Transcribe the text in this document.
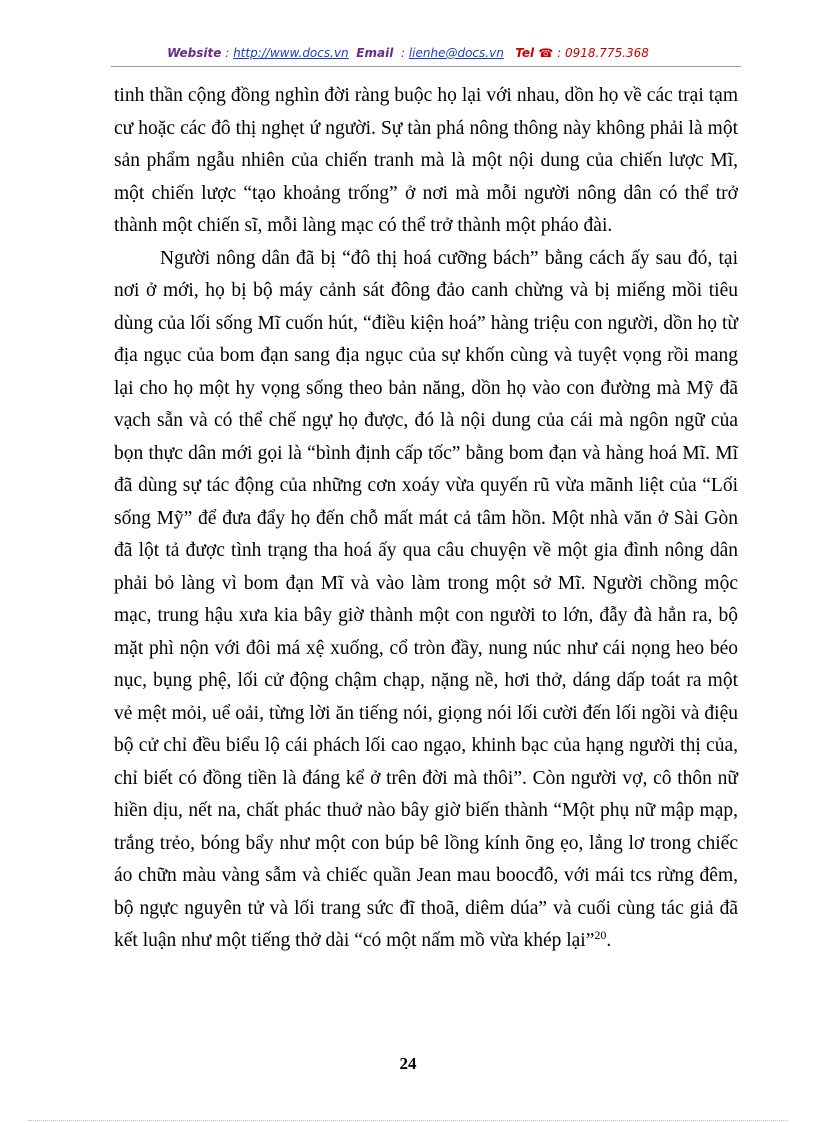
Website : http://www.docs.vn Email  : lienhe@docs.vn Tel ☎ : 0918.775.368

tinh thần cộng đồng nghìn đời ràng buộc họ lại với nhau, dồn họ về các trại tạm cư hoặc các đô thị nghẹt ứ người. Sự tàn phá nông thông này không phải là một sản phẩm ngẫu nhiên của chiến tranh mà là một nội dung của chiến lược Mĩ, một chiến lược “tạo khoảng trống” ở nơi mà mỗi người nông dân có thể trở thành một chiến sĩ, mỗi làng mạc có thể trở thành một pháo đài.

Người nông dân đã bị “đô thị hoá cưỡng bách” bằng cách ấy sau đó, tại nơi ở mới, họ bị bộ máy cảnh sát đông đảo canh chừng và bị miếng mồi tiêu dùng của lối sống Mĩ cuốn hút, “điều kiện hoá” hàng triệu con người, dồn họ từ địa ngục của bom đạn sang địa ngục của sự khốn cùng và tuyệt vọng rồi mang lại cho họ một hy vọng sống theo bản năng, dồn họ vào con đường mà Mỹ đã vạch sẵn và có thể chế ngự họ được, đó là nội dung của cái mà ngôn ngữ của bọn thực dân mới gọi là “bình định cấp tốc” bằng bom đạn và hàng hoá Mĩ. Mĩ đã dùng sự tác động của những cơn xoáy vừa quyến rũ vừa mãnh liệt của “Lối sống Mỹ” để đưa đẩy họ đến chỗ mất mát cả tâm hồn. Một nhà văn ở Sài Gòn đã lột tả được tình trạng tha hoá ấy qua câu chuyện về một gia đình nông dân phải bỏ làng vì bom đạn Mĩ và vào làm trong một sở Mĩ. Người chồng mộc mạc, trung hậu xưa kia bây giờ thành một con người to lớn, đẫy đà hẳn ra, bộ mặt phì nộn với đôi má xệ xuống, cổ tròn đầy, nung núc như cái nọng heo béo nục, bụng phệ, lối cử động chậm chạp, nặng nề, hơi thở, dáng dấp toát ra một vẻ mệt mỏi, uể oải, từng lời ăn tiếng nói, giọng nói lối cười đến lối ngồi và điệu bộ cử chỉ đều biểu lộ cái phách lối cao ngạo, khinh bạc của hạng người thị của, chỉ biết có đồng tiền là đáng kể ở trên đời mà thôi”. Còn người vợ, cô thôn nữ hiền dịu, nết na, chất phác thuở nào bây giờ biến thành “Một phụ nữ mập mạp, trắng trẻo, bóng bẩy như một con búp bê lồng kính õng ẹo, lẳng lơ trong chiếc áo chữn màu vàng sẫm và chiếc quần Jean mau boocđô, với mái tcs rừng đêm, bộ ngực nguyên tử và lối trang sức đĩ thoã, diêm dúa” và cuối cùng tác giả đã kết luận như một tiếng thở dài “có một nấm mồ vừa khép lại”$^{20}$.

24
